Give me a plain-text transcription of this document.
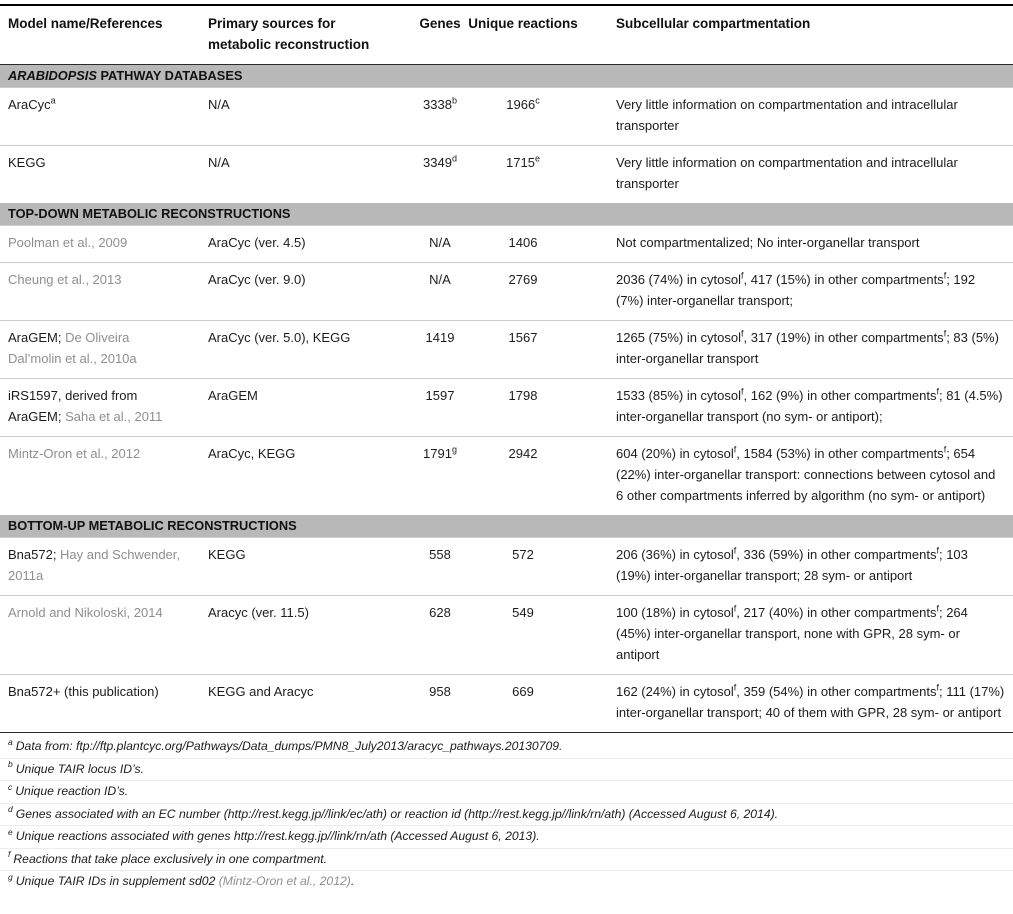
Model name/References	Primary sources for metabolic reconstruction	Genes	Unique reactions	Subcellular compartmentation
ARABIDOPSIS PATHWAY DATABASES				
AraCyc$^a$	N/A	3338$^b$	1966$^c$	Very little information on compartmentation and intracellular transporter
KEGG	N/A	3349$^d$	1715e	Very little information on compartmentation and intracellular transporter
TOP-DOWN METABOLIC RECONSTRUCTIONS				
Poolman et al., 2009	AraCyc (ver. 4.5)	N/A	1406	Not compartmentalized; No inter-organellar transport
Cheung et al., 2013	AraCyc (ver. 9.0)	N/A	2769	2036 (74%) in cytosol$^f$, 417 (15%) in other compartments$^f$; 192 (7%) inter-organellar transport;
AraGEM; De Oliveira Dal’molin et al., 2010a	AraCyc (ver. 5.0), KEGG	1419	1567	1265 (75%) in cytosol$^f$, 317 (19%) in other compartments$^f$; 83 (5%) inter-organellar transport
iRS1597, derived from AraGEM; Saha et al., 2011	AraGEM	1597	1798	1533 (85%) in cytosol$^f$, 162 (9%) in other compartments$^f$; 81 (4.5%) inter-organellar transport (no sym- or antiport);
Mintz-Oron et al., 2012	AraCyc, KEGG	1791$^g$	2942	604 (20%) in cytosol$^f$, 1584 (53%) in other compartments$^f$; 654 (22%) inter-organellar transport: connections between cytosol and 6 other compartments inferred by algorithm (no sym- or antiport)
BOTTOM-UP METABOLIC RECONSTRUCTIONS				
Bna572; Hay and Schwender, 2011a	KEGG	558	572	206 (36%) in cytosol$^f$, 336 (59%) in other compartments$^f$; 103 (19%) inter-organellar transport; 28 sym- or antiport
Arnold and Nikoloski, 2014	Aracyc (ver. 11.5)	628	549	100 (18%) in cytosol$^f$, 217 (40%) in other compartments$^f$; 264 (45%) inter-organellar transport, none with GPR, 28 sym- or antiport
Bna572+ (this publication)	KEGG and Aracyc	958	669	162 (24%) in cytosol$^f$, 359 (54%) in other compartments$^f$; 111 (17%) inter-organellar transport; 40 of them with GPR, 28 sym- or antiport
$^a$ Data from: ftp://ftp.plantcyc.org/Pathways/Data_dumps/PMN8_July2013/aracyc_pathways.20130709.
$^b$ Unique TAIR locus ID’s.
$^c$ Unique reaction ID’s.
$^d$ Genes associated with an EC number (http://rest.kegg.jp//link/ec/ath) or reaction id (http://rest.kegg.jp//link/rn/ath) (Accessed August 6, 2014).
$^e$ Unique reactions associated with genes http://rest.kegg.jp//link/rn/ath (Accessed August 6, 2013).
$^f$ Reactions that take place exclusively in one compartment.
$^g$ Unique TAIR IDs in supplement sd02 (Mintz-Oron et al., 2012).
